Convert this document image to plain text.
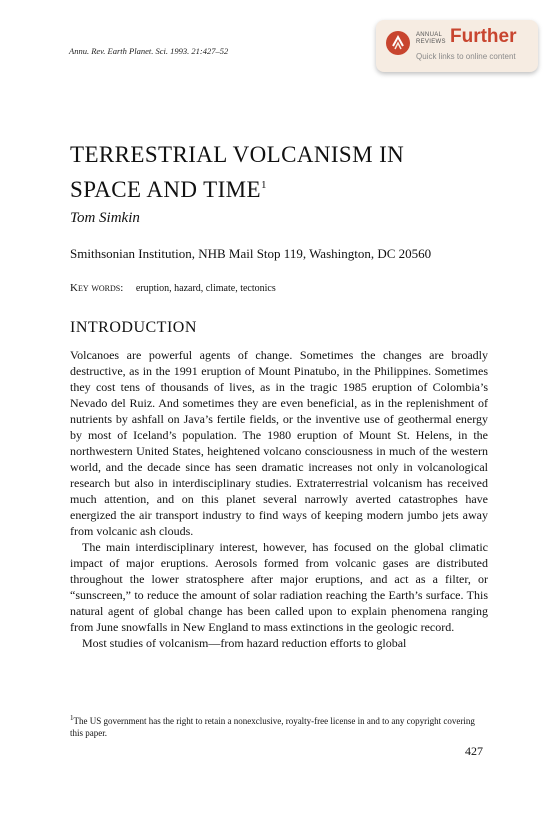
Annu. Rev. Earth Planet. Sci. 1993. 21:427–52
ANNUAL
REVIEWS Further
Quick links to online content
TERRESTRIAL VOLCANISM IN
SPACE AND TIME$^1$
Tom Simkin
Smithsonian Institution, NHB Mail Stop 119, Washington, DC 20560
Key words: eruption, hazard, climate, tectonics
INTRODUCTION

Volcanoes are powerful agents of change. Sometimes the changes are broadly destructive, as in the 1991 eruption of Mount Pinatubo, in the Philippines. Sometimes they cost tens of thousands of lives, as in the tragic 1985 eruption of Colombia’s Nevado del Ruiz. And sometimes they are even beneficial, as in the replenishment of nutrients by ashfall on Java’s fertile fields, or the inventive use of geothermal energy by most of Iceland’s population. The 1980 eruption of Mount St. Helens, in the northwestern United States, heightened volcano consciousness in much of the western world, and the decade since has seen dramatic increases not only in volcanological research but also in interdisciplinary studies. Extraterrestrial volcanism has received much attention, and on this planet several narrowly averted catastrophes have energized the air transport industry to find ways of keeping modern jumbo jets away from volcanic ash clouds.

The main interdisciplinary interest, however, has focused on the global climatic impact of major eruptions. Aerosols formed from volcanic gases are distributed throughout the lower stratosphere after major eruptions, and act as a filter, or “sunscreen,” to reduce the amount of solar radiation reaching the Earth’s surface. This natural agent of global change has been called upon to explain phenomena ranging from June snowfalls in New England to mass extinctions in the geologic record.

Most studies of volcanism—from hazard reduction efforts to global

$^1$The US government has the right to retain a nonexclusive, royalty-free license in and to any copyright covering this paper.
427
